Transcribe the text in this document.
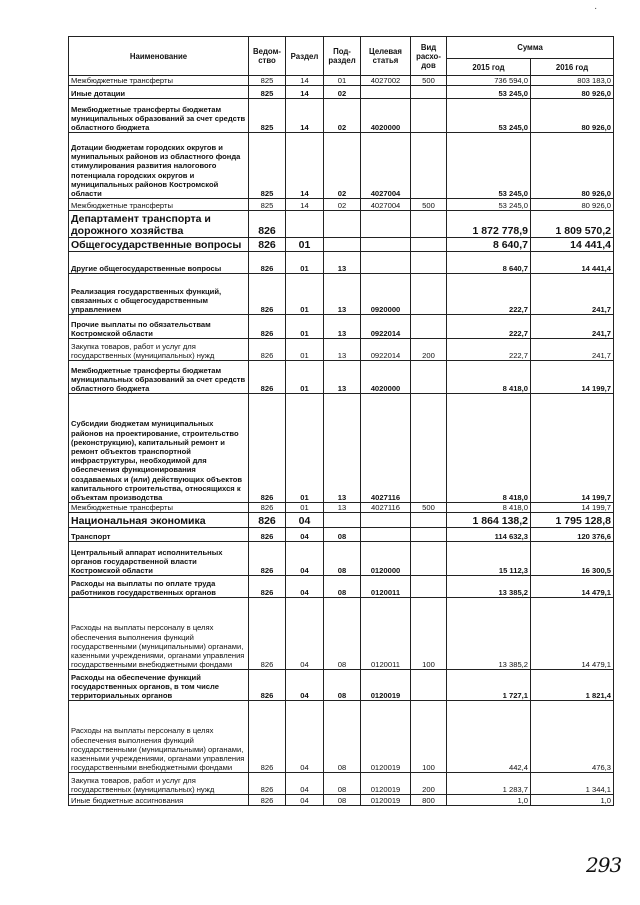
·
Наименование	Ведом-ство	Раздел	Под-раздел	Целевая статья	Вид расхо-дов	Сумма	
						2015 год	2016 год
Межбюджетные трансферты	825	14	01	4027002	500	736 594,0	803 183,0
Иные дотации	825	14	02			53 245,0	80 926,0
Межбюджетные трансферты бюджетам муниципальных образований за счет средств областного бюджета	825	14	02	4020000		53 245,0	80 926,0
Дотации бюджетам городских округов и мунипальных районов из областного фонда стимулирования развития налогового потенциала городских округов и муниципальных районов Костромской области	825	14	02	4027004		53 245,0	80 926,0
Межбюджетные трансферты	825	14	02	4027004	500	53 245,0	80 926,0
Департамент транспорта и дорожного хозяйства	826					1 872 778,9	1 809 570,2
Общегосударственные вопросы	826	01				8 640,7	14 441,4
Другие общегосударственные вопросы	826	01	13			8 640,7	14 441,4
Реализация государственных функций, связанных с общегосударственным управлением	826	01	13	0920000		222,7	241,7
Прочие выплаты по обязательствам Костромской области	826	01	13	0922014		222,7	241,7
Закупка товаров, работ и услуг для государственных (муниципальных) нужд	826	01	13	0922014	200	222,7	241,7
Межбюджетные трансферты бюджетам муниципальных образований за счет средств областного бюджета	826	01	13	4020000		8 418,0	14 199,7
Субсидии бюджетам муниципальных районов на проектирование, строительство (реконструкцию), капитальный ремонт и ремонт объектов транспортной инфраструктуры, необходимой для обеспечения функционирования создаваемых и (или) действующих объектов капитального строительства, относящихся к объектам производства	826	01	13	4027116		8 418,0	14 199,7
Межбюджетные трансферты	826	01	13	4027116	500	8 418,0	14 199,7
Национальная экономика	826	04				1 864 138,2	1 795 128,8
Транспорт	826	04	08			114 632,3	120 376,6
Центральный аппарат исполнительных органов государственной власти Костромской области	826	04	08	0120000		15 112,3	16 300,5
Расходы на выплаты по оплате труда работников государственных органов	826	04	08	0120011		13 385,2	14 479,1
Расходы на выплаты персоналу в целях обеспечения выполнения функций государственными (муниципальными) органами, казенными учреждениями, органами управления государственными внебюджетными фондами	826	04	08	0120011	100	13 385,2	14 479,1
Расходы на обеспечение функций государственных органов, в том числе территориальных органов	826	04	08	0120019		1 727,1	1 821,4
Расходы на выплаты персоналу в целях обеспечения выполнения функций государственными (муниципальными) органами, казенными учреждениями, органами управления государственными внебюджетными фондами	826	04	08	0120019	100	442,4	476,3
Закупка товаров, работ и услуг для государственных (муниципальных) нужд	826	04	08	0120019	200	1 283,7	1 344,1
Иные бюджетные ассигнования	826	04	08	0120019	800	1,0	1,0
293
